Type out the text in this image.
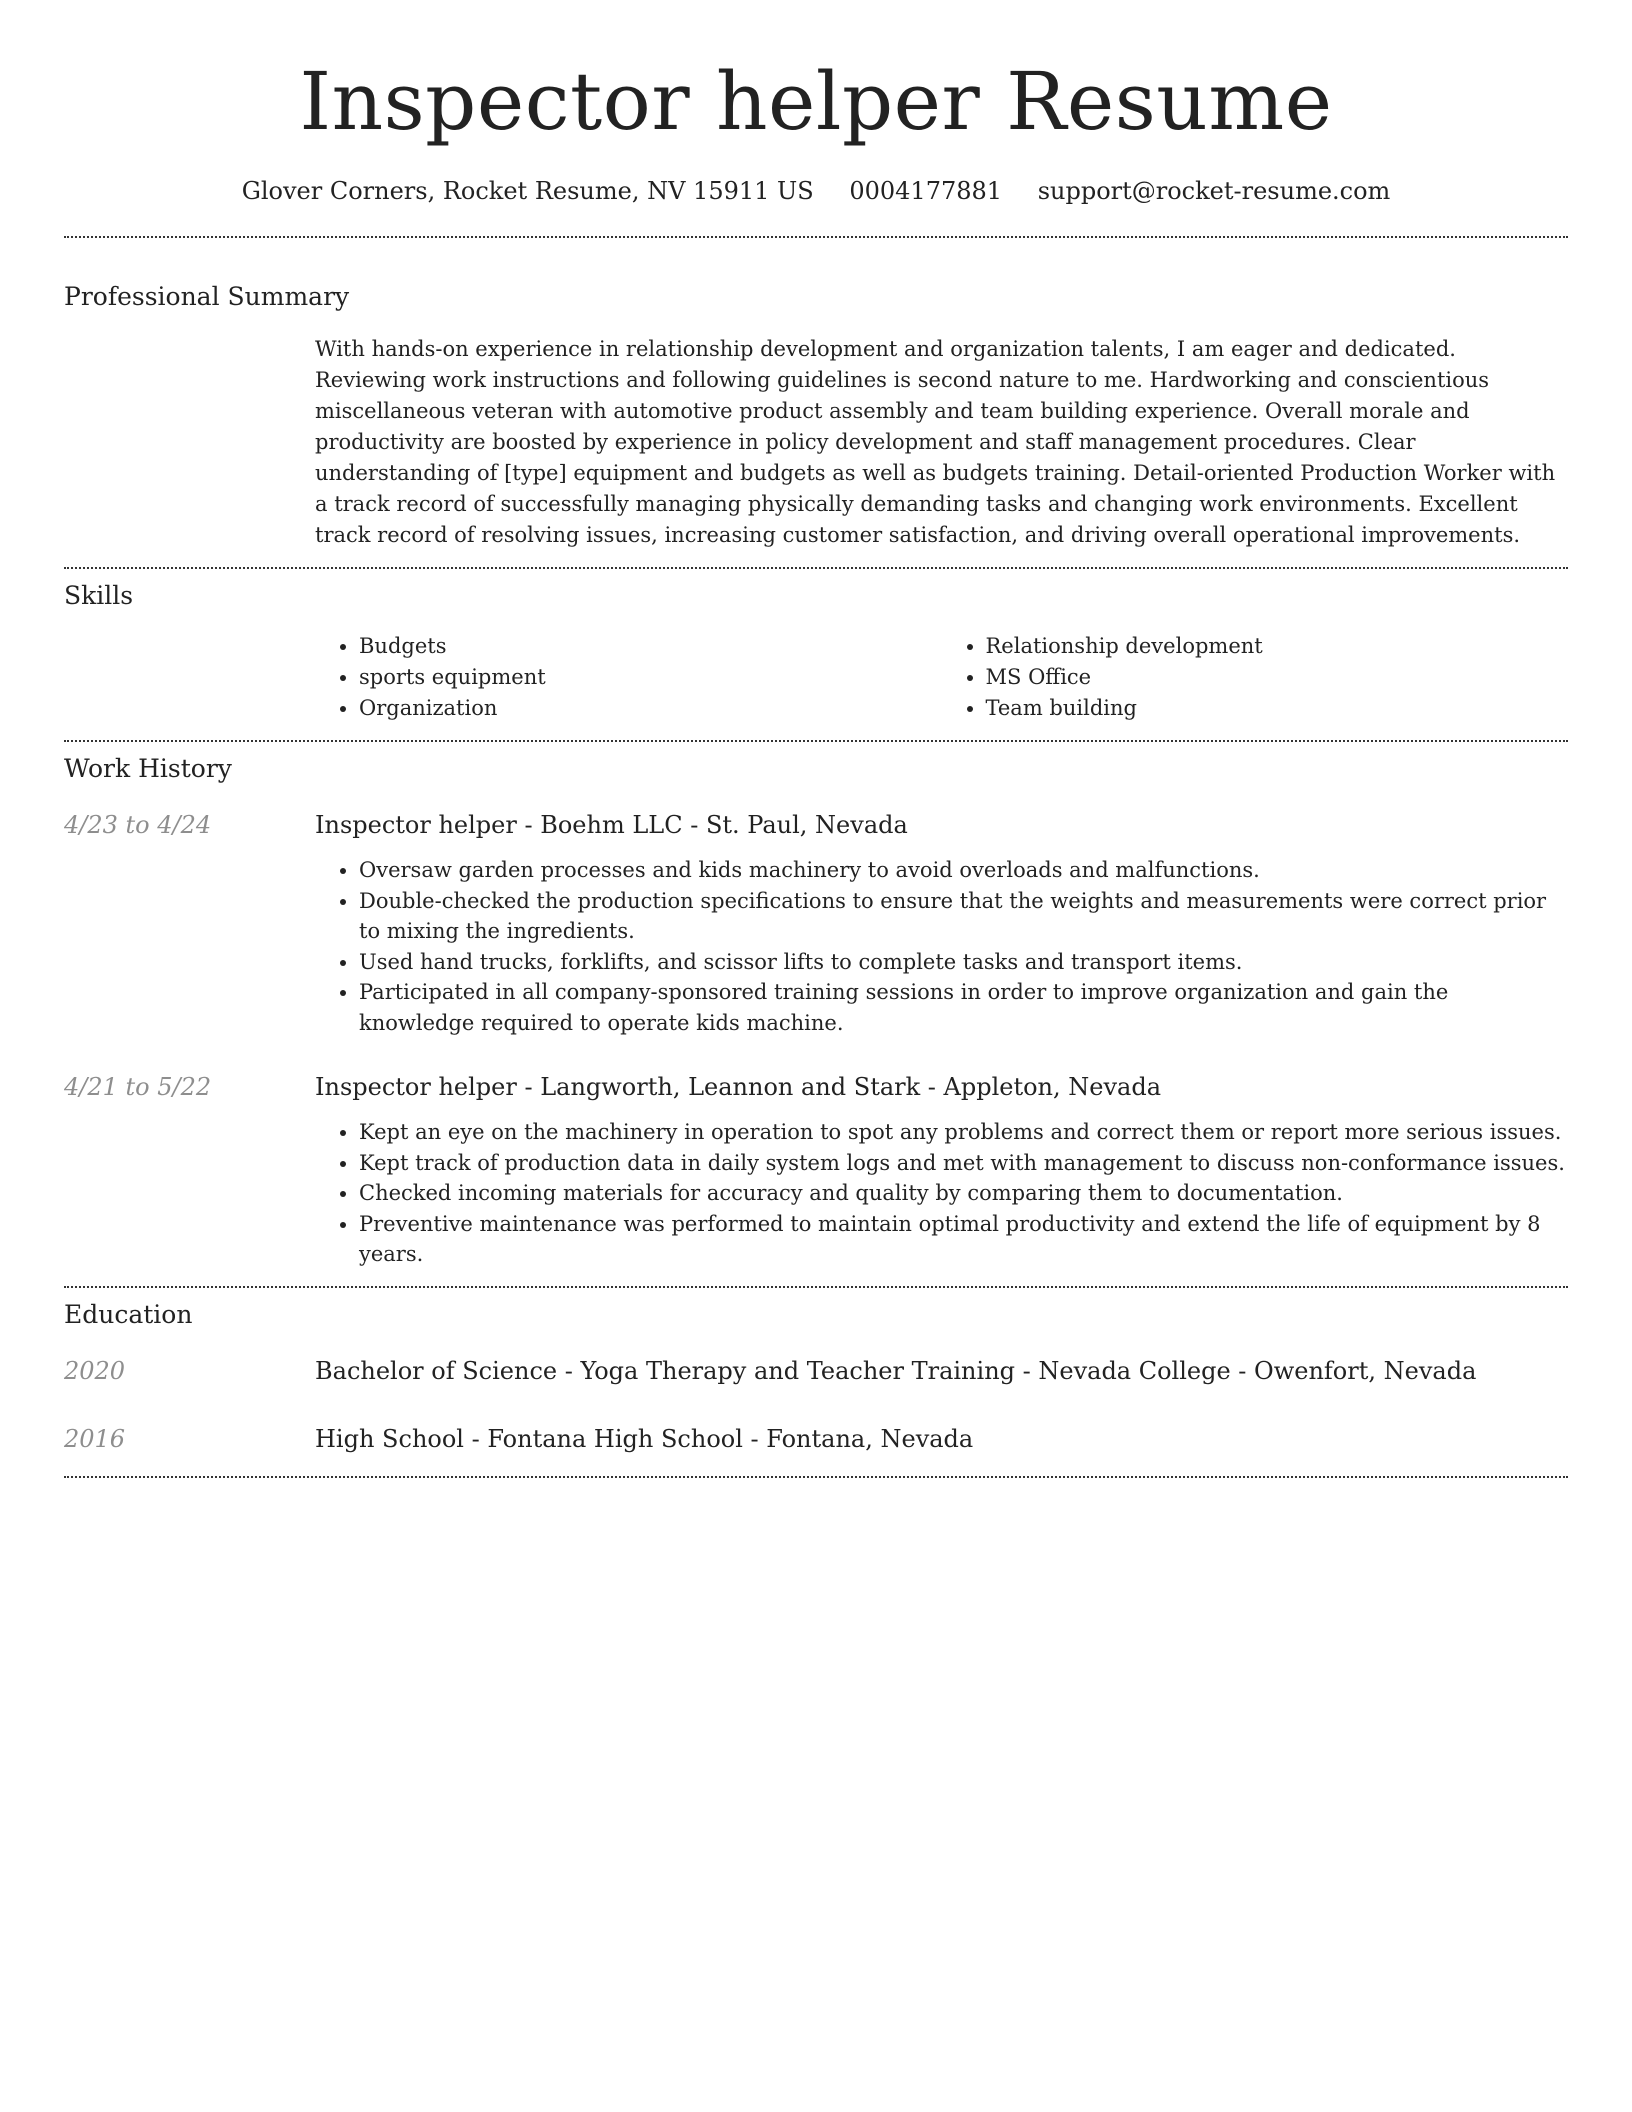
Inspector helper Resume
Glover Corners, Rocket Resume, NV 15911 US 0004177881 support@rocket-resume.com
Professional Summary

With hands-on experience in relationship development and organization talents, I am eager and dedicated. Reviewing work instructions and following guidelines is second nature to me. Hardworking and conscientious miscellaneous veteran with automotive product assembly and team building experience. Overall morale and productivity are boosted by experience in policy development and staff management procedures. Clear understanding of [type] equipment and budgets as well as budgets training. Detail-oriented Production Worker with a track record of successfully managing physically demanding tasks and changing work environments. Excellent track record of resolving issues, increasing customer satisfaction, and driving overall operational improvements.

Skills
• Budgets
• sports equipment
• Organization
• Relationship development
• MS Office
• Team building
Work History
4/23 to 4/24	Inspector helper - Boehm LLC - St. Paul, Nevada
• Oversaw garden processes and kids machinery to avoid overloads and malfunctions.
• Double-checked the production specifications to ensure that the weights and measurements were correct prior to mixing the ingredients.
• Used hand trucks, forklifts, and scissor lifts to complete tasks and transport items.
• Participated in all company-sponsored training sessions in order to improve organization and gain the knowledge required to operate kids machine.
4/21 to 5/22	Inspector helper - Langworth, Leannon and Stark - Appleton, Nevada
• Kept an eye on the machinery in operation to spot any problems and correct them or report more serious issues.
• Kept track of production data in daily system logs and met with management to discuss non-conformance issues.
• Checked incoming materials for accuracy and quality by comparing them to documentation.
• Preventive maintenance was performed to maintain optimal productivity and extend the life of equipment by 8 years.
Education
2020	Bachelor of Science - Yoga Therapy and Teacher Training - Nevada College - Owenfort, Nevada
2016	High School - Fontana High School - Fontana, Nevada
